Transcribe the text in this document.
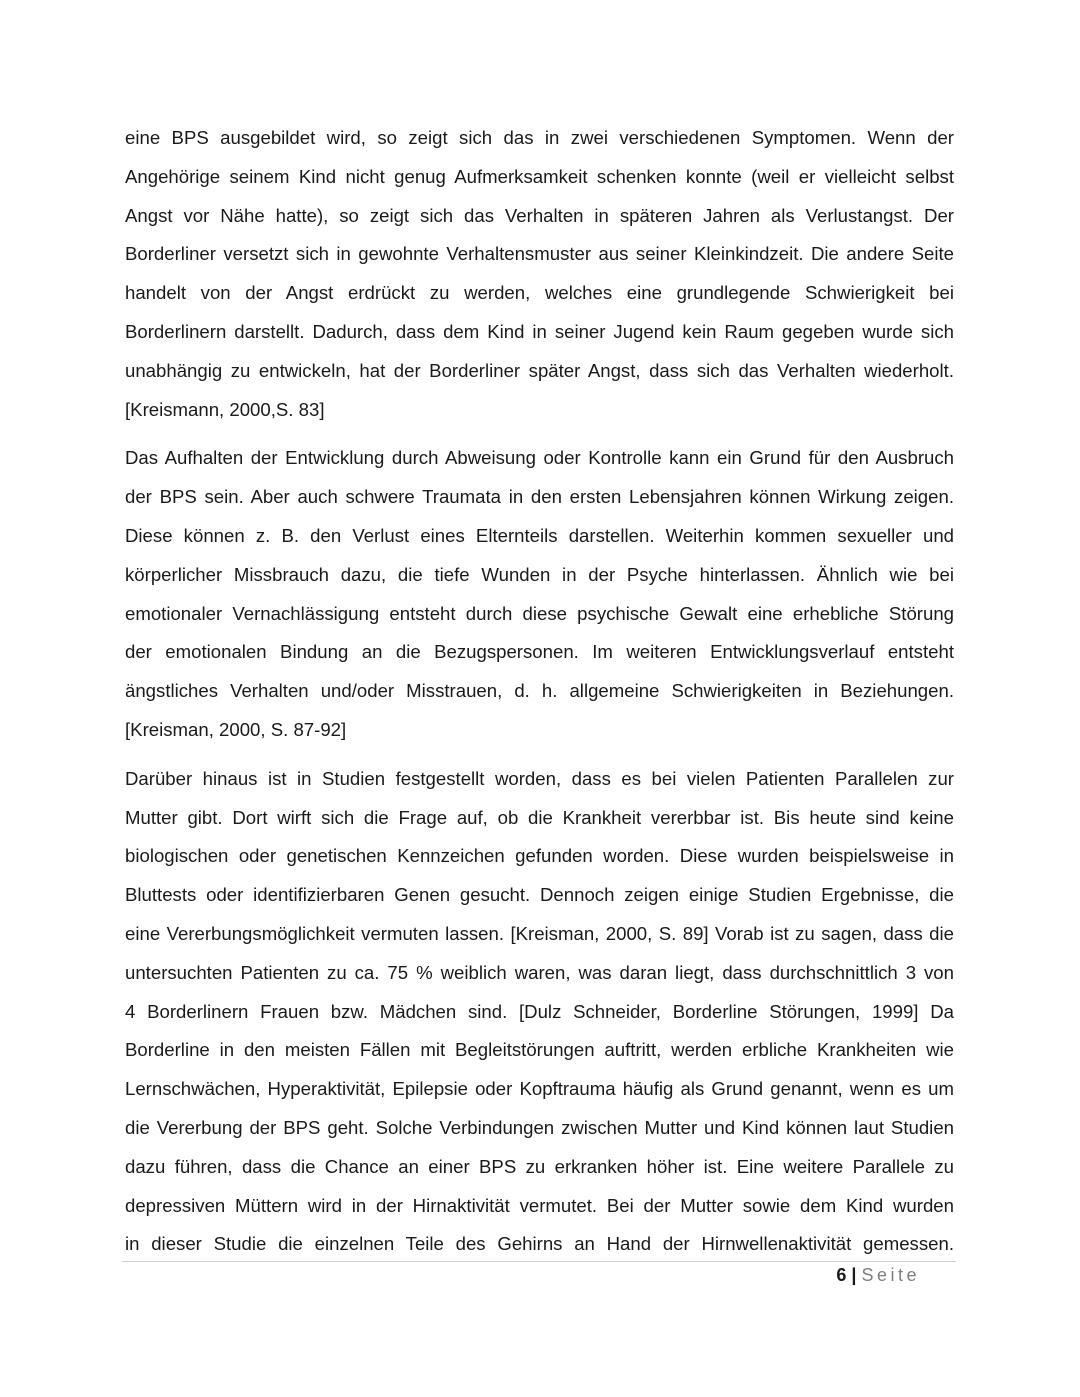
eine BPS ausgebildet wird, so zeigt sich das in zwei verschiedenen Symptomen. Wenn der
Angehörige seinem Kind nicht genug Aufmerksamkeit schenken konnte (weil er vielleicht selbst
Angst vor Nähe hatte), so zeigt sich das Verhalten in späteren Jahren als Verlustangst. Der
Borderliner versetzt sich in gewohnte Verhaltensmuster aus seiner Kleinkindzeit. Die andere Seite
handelt von der Angst erdrückt zu werden, welches eine grundlegende Schwierigkeit bei
Borderlinern darstellt. Dadurch, dass dem Kind in seiner Jugend kein Raum gegeben wurde sich
unabhängig zu entwickeln, hat der Borderliner später Angst, dass sich das Verhalten wiederholt.
[Kreismann, 2000,S. 83]
Das Aufhalten der Entwicklung durch Abweisung oder Kontrolle kann ein Grund für den Ausbruch
der BPS sein. Aber auch schwere Traumata in den ersten Lebensjahren können Wirkung zeigen.
Diese können z. B. den Verlust eines Elternteils darstellen. Weiterhin kommen sexueller und
körperlicher Missbrauch dazu, die tiefe Wunden in der Psyche hinterlassen. Ähnlich wie bei
emotionaler Vernachlässigung entsteht durch diese psychische Gewalt eine erhebliche Störung
der emotionalen Bindung an die Bezugspersonen. Im weiteren Entwicklungsverlauf entsteht
ängstliches Verhalten und/oder Misstrauen, d. h. allgemeine Schwierigkeiten in Beziehungen.
[Kreisman, 2000, S. 87-92]
Darüber hinaus ist in Studien festgestellt worden, dass es bei vielen Patienten Parallelen zur
Mutter gibt. Dort wirft sich die Frage auf, ob die Krankheit vererbbar ist. Bis heute sind keine
biologischen oder genetischen Kennzeichen gefunden worden. Diese wurden beispielsweise in
Bluttests oder identifizierbaren Genen gesucht. Dennoch zeigen einige Studien Ergebnisse, die
eine Vererbungsmöglichkeit vermuten lassen. [Kreisman, 2000, S. 89] Vorab ist zu sagen, dass die
untersuchten Patienten zu ca. 75 % weiblich waren, was daran liegt, dass durchschnittlich 3 von
4 Borderlinern Frauen bzw. Mädchen sind. [Dulz Schneider, Borderline Störungen, 1999] Da
Borderline in den meisten Fällen mit Begleitstörungen auftritt, werden erbliche Krankheiten wie
Lernschwächen, Hyperaktivität, Epilepsie oder Kopftrauma häufig als Grund genannt, wenn es um
die Vererbung der BPS geht. Solche Verbindungen zwischen Mutter und Kind können laut Studien
dazu führen, dass die Chance an einer BPS zu erkranken höher ist. Eine weitere Parallele zu
depressiven Müttern wird in der Hirnaktivität vermutet. Bei der Mutter sowie dem Kind wurden
in dieser Studie die einzelnen Teile des Gehirns an Hand der Hirnwellenaktivität gemessen.
6 | Seite
